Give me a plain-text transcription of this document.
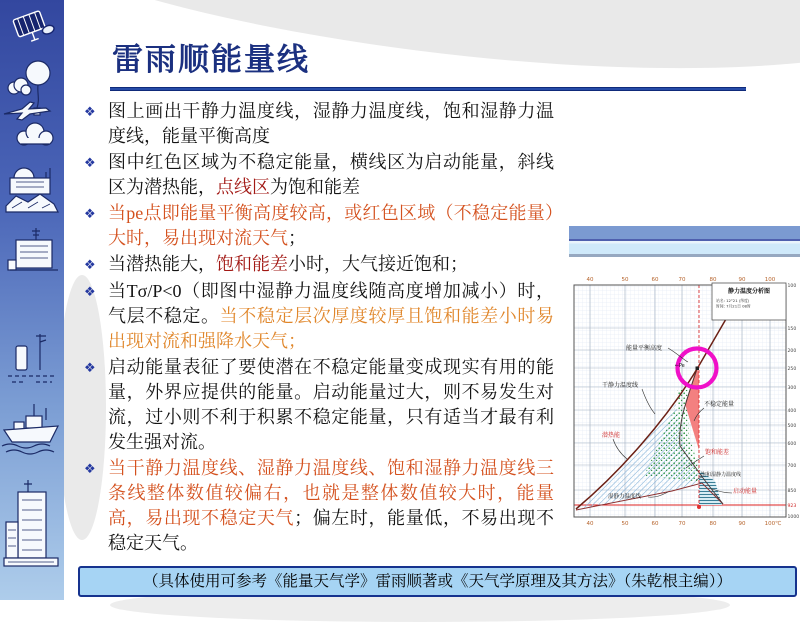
雷雨顺能量线
❖ 图上画出干静力温度线，湿静力温度线，饱和湿静力温度线，能量平衡高度

❖ 图中红色区域为不稳定能量，横线区为启动能量，斜线区为潜热能，点线区为饱和能差

❖ 当pe点即能量平衡高度较高，或红色区域（不稳定能量）大时，易出现对流天气；

❖ 当潜热能大，饱和能差小时，大气接近饱和；

❖ 当Tσ/P<0（即图中湿静力温度线随高度增加减小）时，气层不稳定。当不稳定层次厚度较厚且饱和能差小时易出现对流和强降水天气；

❖ 启动能量表征了要使潜在不稳定能量变成现实有用的能量，外界应提供的能量。启动能量过大，则不易发生对流，过小则不利于积累不稳定能量，只有适当才最有利发生强对流。

❖ 当干静力温度线、湿静力温度线、饱和湿静力温度线三条线整体数值较偏右，也就是整体数值较大时，能量高，易出现不稳定天气；偏左时，能量低，不易出现不稳定天气。

能量平衡高度
←Pe
干静力温度线
不稳定能量
潜热能
饱和能差
饱和湿静力温度线
启动能量
湿静力温度线
静力温度分析图
站名: 12°21 (纬度)
时间: 7月21日 08时
40	50	60	70	80	90	100
40	50	60	70	80	90	100℃
100
150
200
250
300
400
500
600
700
850
923
1000
（具体使用可参考《能量天气学》雷雨顺著或《天气学原理及其方法》（朱乾根主编））
